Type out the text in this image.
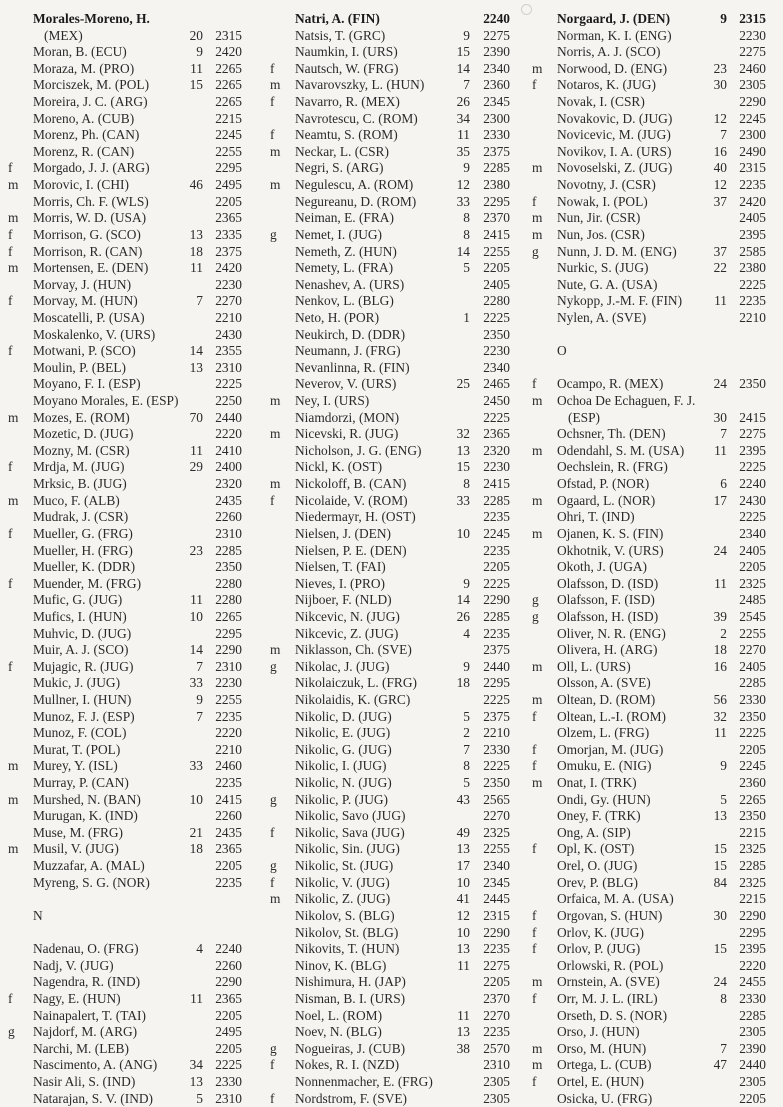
Morales-Moreno, H.
(MEX)	20 2315
Moran, B. (ECU)	9 2420
Moraza, M. (PRO)	11 2265
Morciszek, M. (POL)	15 2265
Moreira, J. C. (ARG)	2265
Moreno, A. (CUB)	2215
Morenz, Ph. (CAN)	2245
Morenz, R. (CAN)	2255
f	Morgado, J. J. (ARG)	2295
m Morovic, I. (CHI)	46 2495
Morris, Ch. F. (WLS)	2205
m Morris, W. D. (USA)	2365
f	Morrison, G. (SCO)	13 2335
f	Morrison, R. (CAN)	18 2375
m Mortensen, E. (DEN)	11 2420
Morvay, J. (HUN)	2230
f	Morvay, M. (HUN)	7 2270
Moscatelli, P. (USA)	2210
Moskalenko, V. (URS)	2430
f	Motwani, P. (SCO)	14 2355
Moulin, P. (BEL)	13 2310
Moyano, F. I. (ESP)	2225
Moyano Morales, E. (ESP)	2250
m Mozes, E. (ROM)	70 2440
Mozetic, D. (JUG)	2220
Mozny, M. (CSR)	11 2410
f	Mrdja, M. (JUG)	29 2400
Mrksic, B. (JUG)	2320
m Muco, F. (ALB)	2435
Mudrak, J. (CSR)	2260
f	Mueller, G. (FRG)	2310
Mueller, H. (FRG)	23 2285
Mueller, K. (DDR)	2350
f	Muender, M. (FRG)	2280
Mufic, G. (JUG)	11 2280
Mufics, I. (HUN)	10 2265
Muhvic, D. (JUG)	2295
Muir, A. J. (SCO)	14 2290
f	Mujagic, R. (JUG)	7 2310
Mukic, J. (JUG)	33 2230
Mullner, I. (HUN)	9 2255
Munoz, F. J. (ESP)	7 2235
Munoz, F. (COL)	2220
Murat, T. (POL)	2210
m Murey, Y. (ISL)	33 2460
Murray, P. (CAN)	2235
m Murshed, N. (BAN)	10 2415
Murugan, K. (IND)	2260
Muse, M. (FRG)	21 2435
m Musil, V. (JUG)	18 2365
Muzzafar, A. (MAL)	2205
Myreng, S. G. (NOR)	2235
N
Nadenau, O. (FRG)	4 2240
Nadj, V. (JUG)	2260
Nagendra, R. (IND)	2290
f	Nagy, E. (HUN)	11 2365
Nainapalert, T. (TAI)	2205
g	Najdorf, M. (ARG)	2495
Narchi, M. (LEB)	2205
Nascimento, A. (ANG)	34 2225
Nasir Ali, S. (IND)	13 2330
Natarajan, S. V. (IND)	5 2310
Natri, A. (FIN)	2240
Natsis, T. (GRC)	9 2275
Naumkin, I. (URS)	15 2390
f	Nautsch, W. (FRG)	14 2340
m Navarovszky, L. (HUN)	7 2360
f	Navarro, R. (MEX)	26 2345
Navrotescu, C. (ROM)	34 2300
f	Neamtu, S. (ROM)	11 2330
m Neckar, L. (CSR)	35 2375
Negri, S. (ARG)	9 2285
m Negulescu, A. (ROM)	12 2380
Negureanu, D. (ROM)	33 2295
Neiman, E. (FRA)	8 2370
g	Nemet, I. (JUG)	8 2415
Nemeth, Z. (HUN)	14 2255
Nemety, L. (FRA)	5 2205
Nenashev, A. (URS)	2405
Nenkov, L. (BLG)	2280
Neto, H. (POR)	1 2225
Neukirch, D. (DDR)	2350
Neumann, J. (FRG)	2230
Nevanlinna, R. (FIN)	2340
Neverov, V. (URS)	25 2465
m Ney, I. (URS)	2450
Niamdorzi, (MON)	2225
m Nicevski, R. (JUG)	32 2365
Nicholson, J. G. (ENG)	13 2320
Nickl, K. (OST)	15 2230
m Nickoloff, B. (CAN)	8 2415
f	Nicolaide, V. (ROM)	33 2285
Niedermayr, H. (OST)	2235
Nielsen, J. (DEN)	10 2245
Nielsen, P. E. (DEN)	2235
Nielsen, T. (FAI)	2205
Nieves, I. (PRO)	9 2225
Nijboer, F. (NLD)	14 2290
Nikcevic, N. (JUG)	26 2285
Nikcevic, Z. (JUG)	4 2235
m Niklasson, Ch. (SVE)	2375
g	Nikolac, J. (JUG)	9 2440
Nikolaiczuk, L. (FRG)	18 2295
Nikolaidis, K. (GRC)	2225
Nikolic, D. (JUG)	5 2375
Nikolic, E. (JUG)	2 2210
Nikolic, G. (JUG)	7 2330
Nikolic, I. (JUG)	8 2225
Nikolic, N. (JUG)	5 2350
g	Nikolic, P. (JUG)	43 2565
Nikolic, Savo (JUG)	2270
f	Nikolic, Sava (JUG)	49 2325
Nikolic, Sin. (JUG)	13 2255
g	Nikolic, St. (JUG)	17 2340
f	Nikolic, V. (JUG)	10 2345
m Nikolic, Z. (JUG)	41 2445
Nikolov, S. (BLG)	12 2315
Nikolov, St. (BLG)	10 2290
Nikovits, T. (HUN)	13 2235
Ninov, K. (BLG)	11 2275
Nishimura, H. (JAP)	2205
Nisman, B. I. (URS)	2370
Noel, L. (ROM)	11 2270
Noev, N. (BLG)	13 2235
g	Nogueiras, J. (CUB)	38 2570
f	Nokes, R. I. (NZD)	2310
Nonnenmacher, E. (FRG)	2305
f	Nordstrom, F. (SVE)	2305
Norgaard, J. (DEN)	9 2315
Norman, K. I. (ENG)	2230
Norris, A. J. (SCO)	2275
m Norwood, D. (ENG)	23 2460
f	Notaros, K. (JUG)	30 2305
Novak, I. (CSR)	2290
Novakovic, D. (JUG)	12 2245
Novicevic, M. (JUG)	7 2300
Novikov, I. A. (URS)	16 2490
m Novoselski, Z. (JUG)	40 2315
Novotny, J. (CSR)	12 2235
f	Nowak, I. (POL)	37 2420
m Nun, Jir. (CSR)	2405
m Nun, Jos. (CSR)	2395
g	Nunn, J. D. M. (ENG)	37 2585
Nurkic, S. (JUG)	22 2380
Nute, G. A. (USA)	2225
Nykopp, J.-M. F. (FIN)	11 2235
Nylen, A. (SVE)	2210
O
f	Ocampo, R. (MEX)	24 2350
m Ochoa De Echaguen, F. J.
(ESP)	30 2415
Ochsner, Th. (DEN)	7 2275
m Odendahl, S. M. (USA)	11 2395
Oechslein, R. (FRG)	2225
Ofstad, P. (NOR)	6 2240
m Ogaard, L. (NOR)	17 2430
Ohri, T. (IND)	2225
m Ojanen, K. S. (FIN)	2340
Okhotnik, V. (URS)	24 2405
Okoth, J. (UGA)	2205
Olafsson, D. (ISD)	11 2325
g	Olafsson, F. (ISD)	2485
g	Olafsson, H. (ISD)	39 2545
Oliver, N. R. (ENG)	2 2255
Olivera, H. (ARG)	18 2270
m Oll, L. (URS)	16 2405
Olsson, A. (SVE)	2285
m Oltean, D. (ROM)	56 2330
f	Oltean, L.-I. (ROM)	32 2350
Olzem, L. (FRG)	11 2225
f	Omorjan, M. (JUG)	2205
f	Omuku, E. (NIG)	9 2245
m Onat, I. (TRK)	2360
Ondi, Gy. (HUN)	5 2265
Oney, F. (TRK)	13 2350
Ong, A. (SIP)	2215
f	Opl, K. (OST)	15 2325
Orel, O. (JUG)	15 2285
Orev, P. (BLG)	84 2325
Orfaica, M. A. (USA)	2215
f	Orgovan, S. (HUN)	30 2290
f	Orlov, K. (JUG)	2295
f	Orlov, P. (JUG)	15 2395
Orlowski, R. (POL)	2220
m Ornstein, A. (SVE)	24 2455
f	Orr, M. J. L. (IRL)	8 2330
Orseth, D. S. (NOR)	2285
Orso, J. (HUN)	2305
m Orso, M. (HUN)	7 2390
m Ortega, L. (CUB)	47 2440
f	Ortel, E. (HUN)	2305
Osicka, U. (FRG)	2205
